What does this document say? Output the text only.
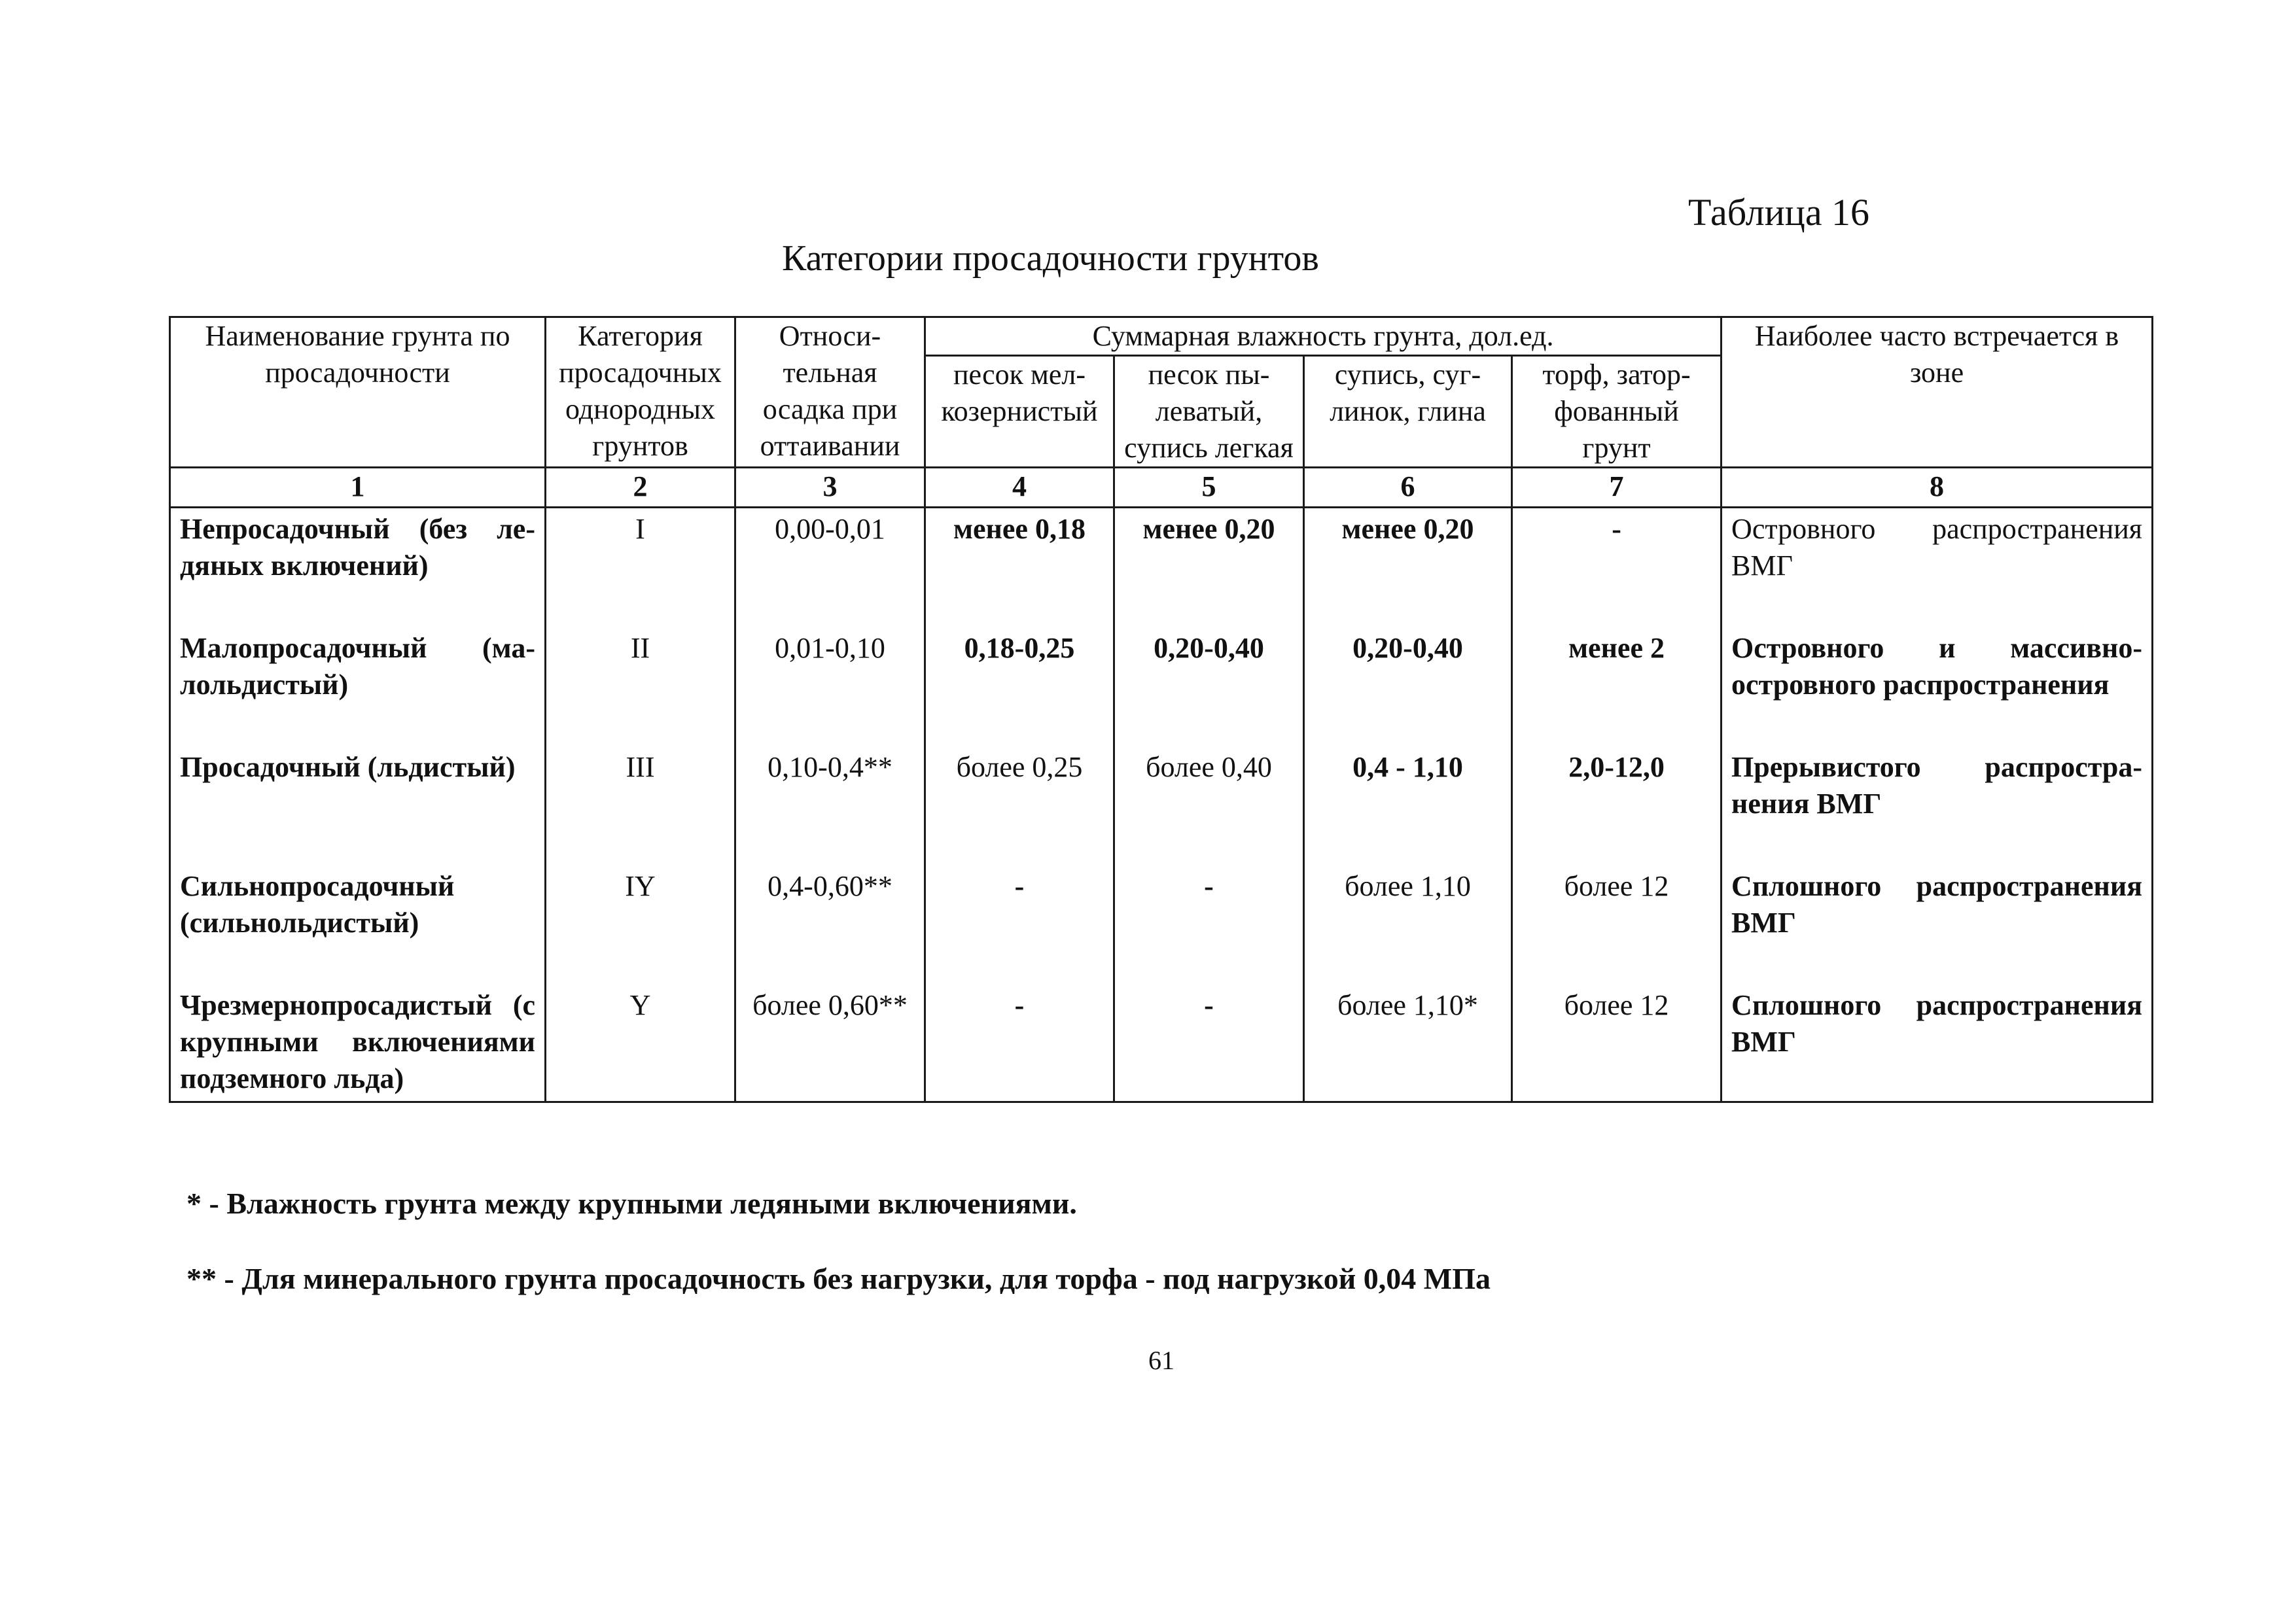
Таблица 16
Категории просадочности грунтов
Наименование грунта по просадочности	Категория просадочных однородных грунтов	Относительная осадка при оттаивании	Суммарная влажность грунта, дол.ед.				Наиболее часто встречается в зоне
			песок мелкозернистый	песок пылеватый, супись легкая	супись, суглинок, глина	торф, заторфованный грунт	
1	2	3	4	5	6	7	8
Непросадочный (без ледяных включений)	I	0,00-0,01	менее 0,18	менее 0,20	менее 0,20	-	Островного распространения ВМГ
Малопросадочный (малольдистый)	II	0,01-0,10	0,18-0,25	0,20-0,40	0,20-0,40	менее 2	Островного и массивно-островного распространения
Просадочный (льдистый)	III	0,10-0,4**	более 0,25	более 0,40	0,4 - 1,10	2,0-12,0	Прерывистого распространения ВМГ
Сильнопросадочный (сильнольдистый)	IY	0,4-0,60**	-	-	более 1,10	более 12	Сплошного распространения ВМГ
Чрезмернопросадистый (с крупными включениями подземного льда)	Y	более 0,60**	-	-	более 1,10*	более 12	Сплошного распространения ВМГ
* - Влажность грунта между крупными ледяными включениями.
** - Для минерального грунта просадочность без нагрузки, для торфа - под нагрузкой 0,04 МПа
61
